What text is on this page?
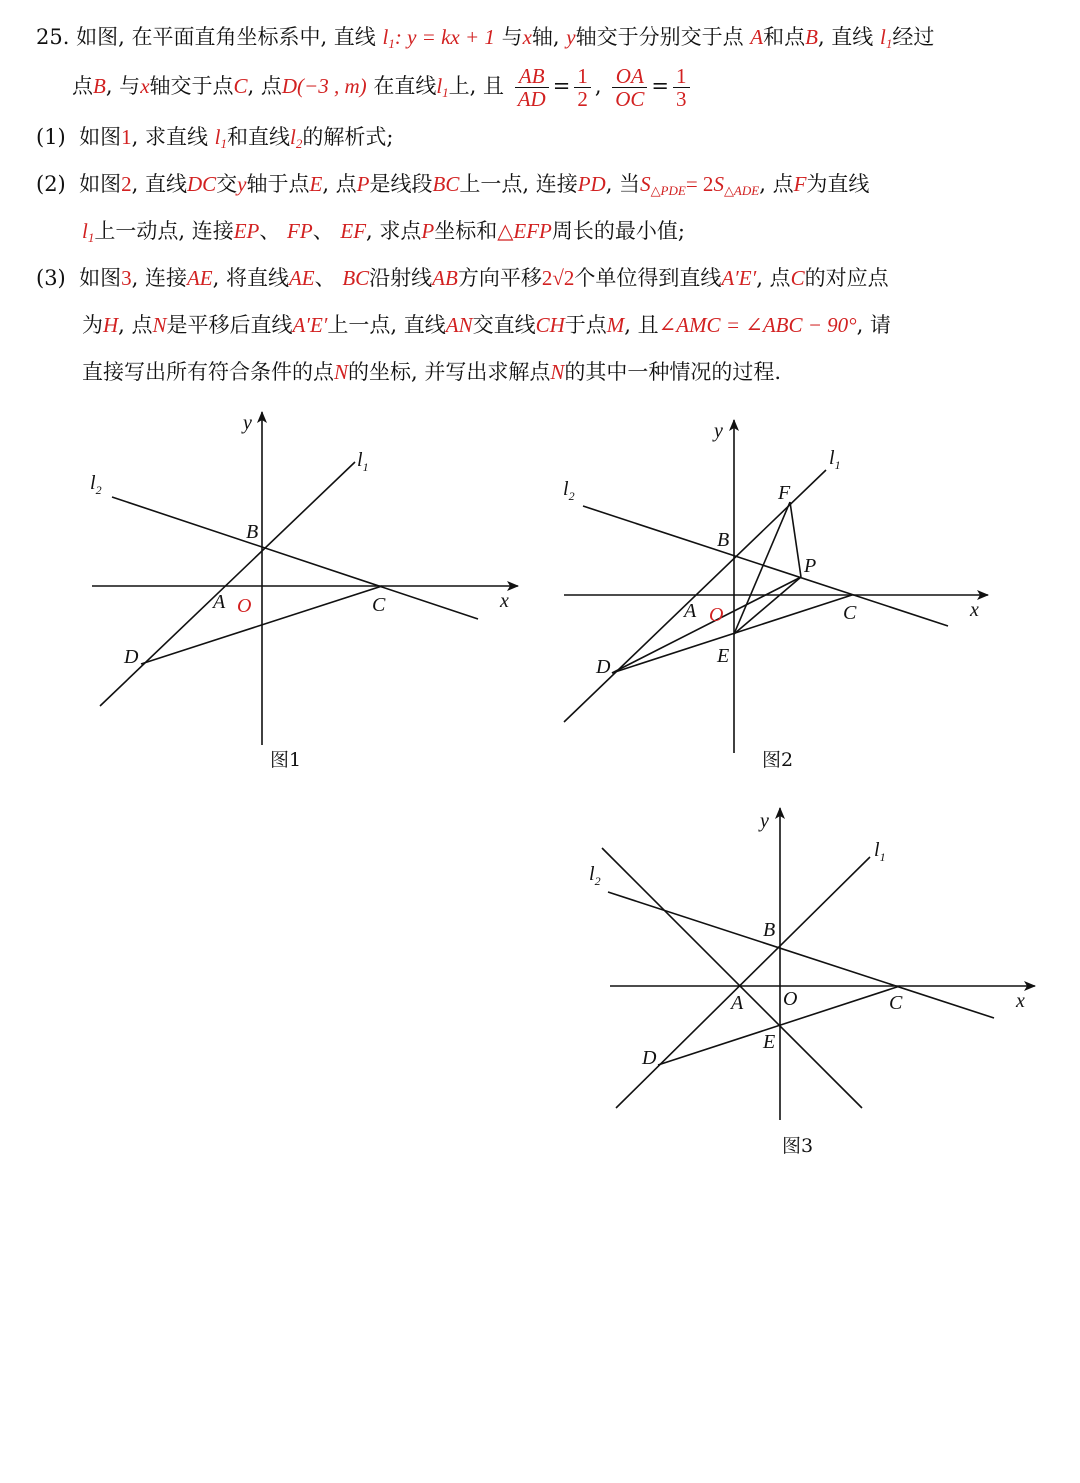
25. 如图, 在平面直角坐标系中, 直线 $l_1$: y = kx + 1 与x轴, y轴交于分别交于点 A和点B, 直线 $l_1$经过
点B, 与x轴交于点C, 点D(−3 , m) 在直线$l_1$上, 且 $\frac{AB}{AD} = \frac{1}{2}$ , $\frac{OA}{OC} = \frac{1}{3}$
(1) 如图1, 求直线 $l_1$和直线$l_2$的解析式;
(2) 如图2, 直线DC交y轴于点E, 点P是线段BC上一点, 连接PD, 当$S_{\triangle PDE}= 2S_{\triangle ADE}$, 点F为直线
$l_1$上一动点, 连接EP、 FP、 EF, 求点P坐标和△EFP周长的最小值;
(3) 如图3, 连接AE, 将直线AE、 BC沿射线AB方向平移2√2个单位得到直线A′E′, 点C的对应点
为H, 点N是平移后直线A′E′上一点, 直线AN交直线CH于点M, 且∠AMC = ∠ABC − 90°, 请
直接写出所有符合条件的点N的坐标, 并写出求解点N的其中一种情况的过程.
y
x
$l_1$
$l_2$
B
A O	C
D
图1
y
x
$l_1$
$l_2$	F
B
P
A O	C
E
D
图2
y
x
$l_1$
$l_2$
B
A O	C
E
D
图3
